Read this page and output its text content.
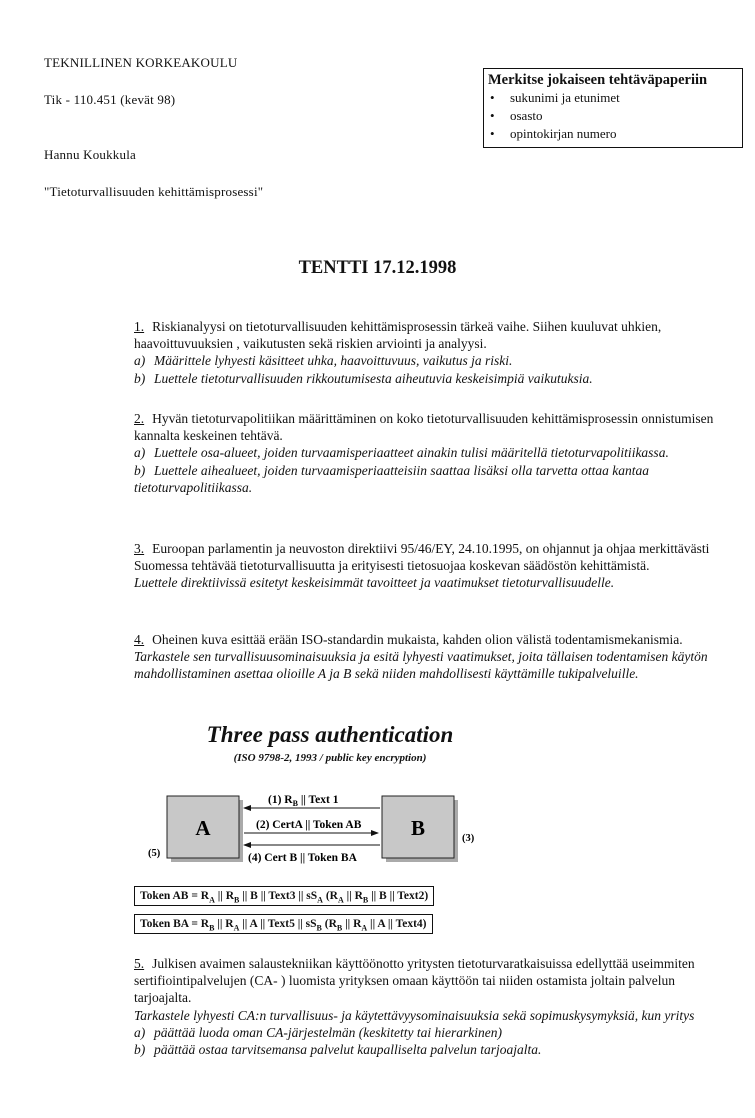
TEKNILLINEN KORKEAKOULU
Tik - 110.451 (kevät 98)
Hannu Koukkula
"Tietoturvallisuuden kehittämisprosessi"
Merkitse jokaiseen tehtäväpaperiin
• sukunimi ja etunimet
• osasto
• opintokirjan numero
TENTTI 17.12.1998

1. Riskianalyysi on tietoturvallisuuden kehittämisprosessin tärkeä vaihe. Siihen kuuluvat uhkien, haavoittuvuuksien , vaikutusten sekä riskien arviointi ja analyysi.

a) Määrittele lyhyesti käsitteet uhka, haavoittuvuus, vaikutus ja riski.

b) Luettele tietoturvallisuuden rikkoutumisesta aiheutuvia keskeisimpiä vaikutuksia.

2. Hyvän tietoturvapolitiikan määrittäminen on koko tietoturvallisuuden kehittämisprosessin onnistumisen kannalta keskeinen tehtävä.

a) Luettele osa-alueet, joiden turvaamisperiaatteet ainakin tulisi määritellä tietoturvapolitiikassa.

b) Luettele aihealueet, joiden turvaamisperiaatteisiin saattaa lisäksi olla tarvetta ottaa kantaa tietoturvapolitiikassa.

3. Euroopan parlamentin ja neuvoston direktiivi 95/46/EY, 24.10.1995, on ohjannut ja ohjaa merkittävästi Suomessa tehtävää tietoturvallisuutta ja erityisesti tietosuojaa koskevan säädöstön kehittämistä.

Luettele direktiivissä esitetyt keskeisimmät tavoitteet ja vaatimukset tietoturvallisuudelle.

4. Oheinen kuva esittää erään ISO-standardin mukaista, kahden olion välistä todentamismekanismia.

Tarkastele sen turvallisuusominaisuuksia ja esitä lyhyesti vaatimukset, joita tällaisen todentamisen käytön mahdollistaminen asettaa olioille A ja B sekä niiden mahdollisesti käyttämille tukipalveluille.

Three pass authentication
(ISO 9798-2, 1993 / public key encryption)
A	B
(1) $R_B$ || Text 1
(2) CertA || Token AB
(3)
(4) Cert B || Token BA
(5)
Token AB = $R_A$ || $R_B$ || B || Text3 || $sS_A$ ($R_A$ || $R_B$ || B || Text2)
Token BA = $R_B$ || $R_A$ || A || Text5 || $sS_B$ ($R_B$ || $R_A$ || A || Text4)

5. Julkisen avaimen salaustekniikan käyttöönotto yritysten tietoturvaratkaisuissa edellyttää useimmiten sertifiointipalvelujen (CA- ) luomista yrityksen omaan käyttöön tai niiden ostamista joltain palvelun tarjoajalta.

Tarkastele lyhyesti CA:n turvallisuus- ja käytettävyysominaisuuksia sekä sopimuskysymyksiä, kun yritys

a) päättää luoda oman CA-järjestelmän (keskitetty tai hierarkinen)

b) päättää ostaa tarvitsemansa palvelut kaupalliselta palvelun tarjoajalta.
